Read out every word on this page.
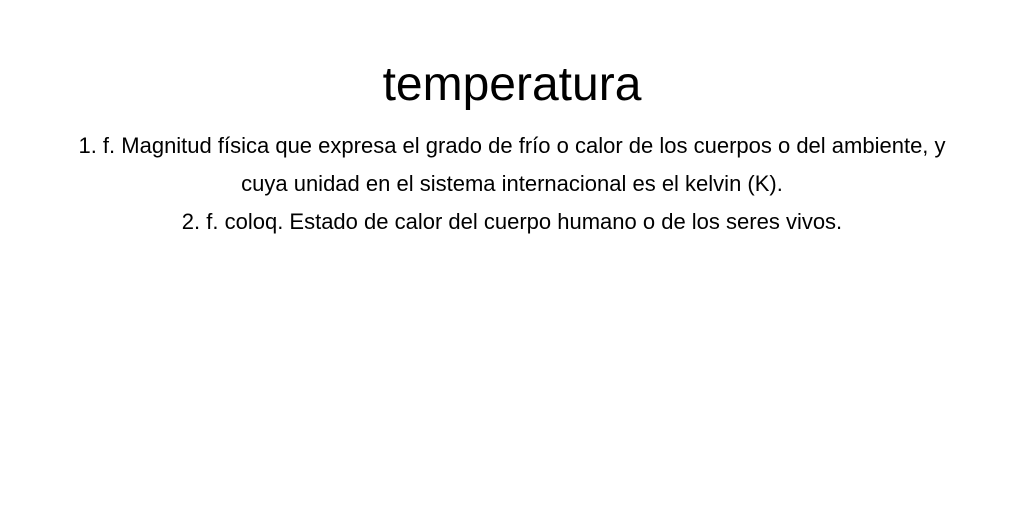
temperatura
1. f. Magnitud física que expresa el grado de frío o calor de los cuerpos o del ambiente, y cuya unidad en el sistema internacional es el kelvin (K).
2. f. coloq. Estado de calor del cuerpo humano o de los seres vivos.
